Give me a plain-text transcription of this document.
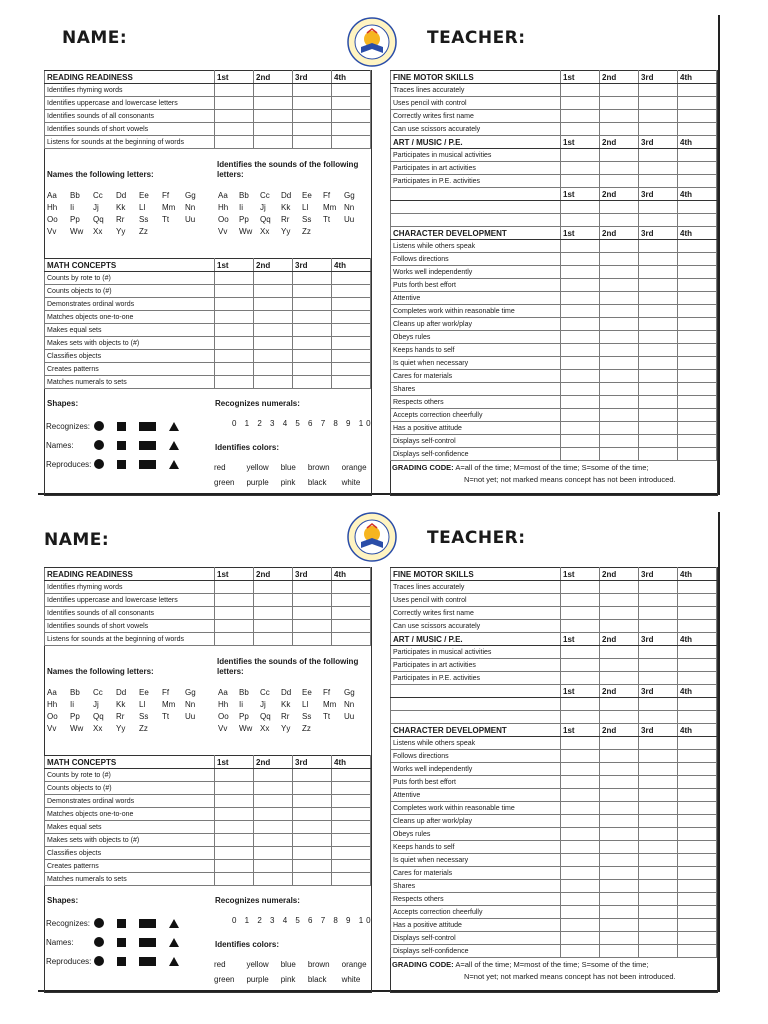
NAME:	TEACHER:
READING READINESS	1st	2nd	3rd	4th
Identifies rhyming words				
Identifies uppercase and lowercase letters				
Identifies sounds of all consonants				
Identifies sounds of short vowels				
Listens for sounds at the beginning of words				
Names the following letters:
Identifies the sounds of the following letters:
Aa	Bb	Cc	Dd	Ee	Ff	Gg
Hh	Ii	Jj	Kk	Ll	Mm	Nn
Oo	Pp	Qq	Rr	Ss	Tt	Uu
Vv	Ww	Xx	Yy	Zz
Aa	Bb	Cc	Dd	Ee	Ff	Gg
Hh	Ii	Jj	Kk	Ll	Mm Nn
Oo	Pp	Qq	Rr	Ss	Tt	Uu
Vv	Ww Xx	Yy	Zz
MATH CONCEPTS	1st	2nd	3rd	4th
Counts by rote to (#)				
Counts objects to (#)				
Demonstrates ordinal words				
Matches objects one-to-one				
Makes equal sets				
Makes sets with objects to (#)				
Classifies objects				
Creates patterns				
Matches numerals to sets				
Shapes:
Recognizes:
Names:
Reproduces:
Recognizes numerals:
0 1 2 3 4 5 6 7 8 9 10
Identifies colors:
red	yellow blue brown orange
green purple pink black	white
FINE MOTOR SKILLS	1st	2nd	3rd	4th
Traces lines accurately				
Uses pencil with control				
Correctly writes first name				
Can use scissors accurately				
ART / MUSIC / P.E.	1st	2nd	3rd	4th
Participates in musical activities				
Participates in art activities				
Participates in P.E. activities				
	1st	2nd	3rd	4th

CHARACTER DEVELOPMENT	1st	2nd	3rd	4th
Listens while others speak				
Follows directions				
Works well independently				
Puts forth best effort				
Attentive				
Completes work within reasonable time				
Cleans up after work/play				
Obeys rules				
Keeps hands to self				
Is quiet when necessary				
Cares for materials				
Shares				
Respects others				
Accepts correction cheerfully				
Has a positive attitude				
Displays self-control				
Displays self-confidence				
GRADING CODE: A=all of the time; M=most of the time; S=some of the time;
N=not yet; not marked means concept has not been introduced.
NAME:	TEACHER:
READING READINESS	1st	2nd	3rd	4th
Identifies rhyming words				
Identifies uppercase and lowercase letters				
Identifies sounds of all consonants				
Identifies sounds of short vowels				
Listens for sounds at the beginning of words				
Names the following letters:
Identifies the sounds of the following letters:
Aa	Bb	Cc	Dd	Ee	Ff	Gg
Hh	Ii	Jj	Kk	Ll	Mm	Nn
Oo	Pp	Qq	Rr	Ss	Tt	Uu
Vv	Ww	Xx	Yy	Zz
Aa	Bb	Cc	Dd	Ee	Ff	Gg
Hh	Ii	Jj	Kk	Ll	Mm Nn
Oo	Pp	Qq	Rr	Ss	Tt	Uu
Vv	Ww Xx	Yy	Zz
MATH CONCEPTS	1st	2nd	3rd	4th
Counts by rote to (#)				
Counts objects to (#)				
Demonstrates ordinal words				
Matches objects one-to-one				
Makes equal sets				
Makes sets with objects to (#)				
Classifies objects				
Creates patterns				
Matches numerals to sets				
Shapes:
Recognizes:
Names:
Reproduces:
Recognizes numerals:
0 1 2 3 4 5 6 7 8 9 10
Identifies colors:
red	yellow blue brown orange
green purple pink black	white
FINE MOTOR SKILLS	1st	2nd	3rd	4th
Traces lines accurately				
Uses pencil with control				
Correctly writes first name				
Can use scissors accurately				
ART / MUSIC / P.E.	1st	2nd	3rd	4th
Participates in musical activities				
Participates in art activities				
Participates in P.E. activities				
	1st	2nd	3rd	4th

CHARACTER DEVELOPMENT	1st	2nd	3rd	4th
Listens while others speak				
Follows directions				
Works well independently				
Puts forth best effort				
Attentive				
Completes work within reasonable time				
Cleans up after work/play				
Obeys rules				
Keeps hands to self				
Is quiet when necessary				
Cares for materials				
Shares				
Respects others				
Accepts correction cheerfully				
Has a positive attitude				
Displays self-control				
Displays self-confidence				
GRADING CODE: A=all of the time; M=most of the time; S=some of the time;
N=not yet; not marked means concept has not been introduced.
